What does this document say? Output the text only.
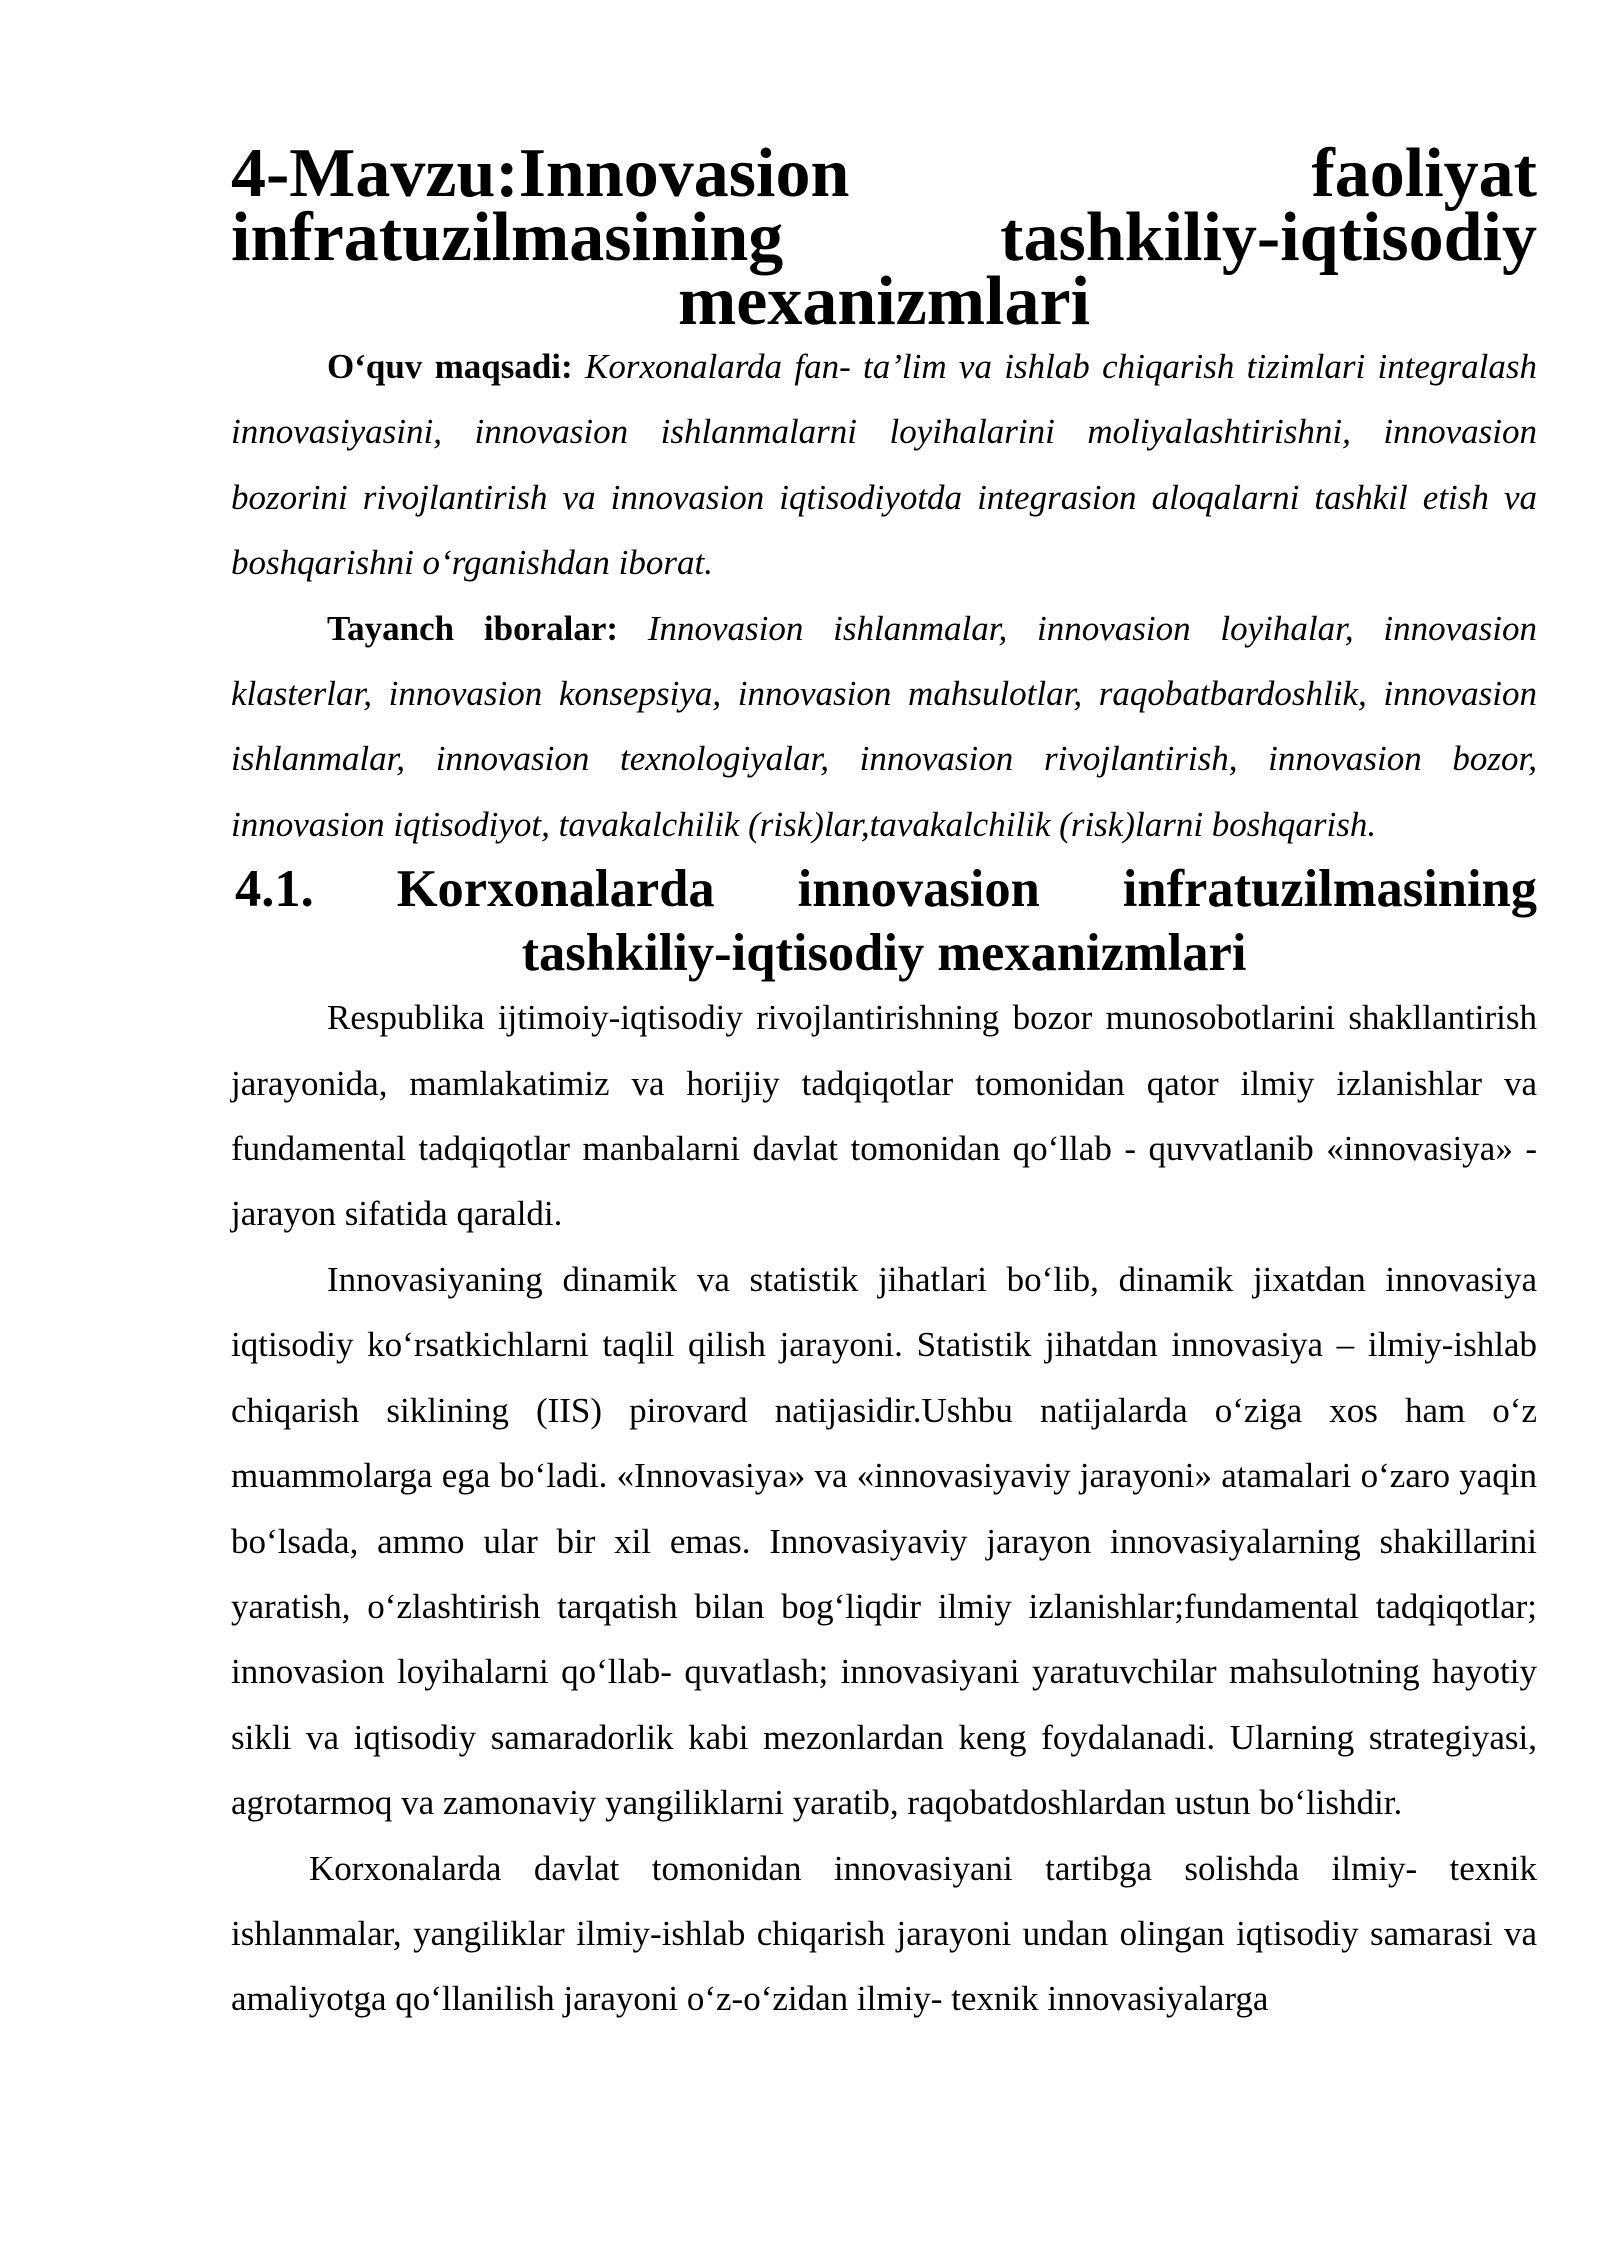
4-Mavzu:Innovasion faoliyat infratuzilmasining tashkiliy-iqtisodiy mexanizmlari

O‘quv maqsadi: Korxonalarda fan- ta’lim va ishlab chiqarish tizimlari integralash innovasiyasini, innovasion ishlanmalarni loyihalarini moliyalashtirishni, innovasion bozorini rivojlantirish va innovasion iqtisodiyotda integrasion aloqalarni tashkil etish va boshqarishni o‘rganishdan iborat.

Tayanch iboralar: Innovasion ishlanmalar, innovasion loyihalar, innovasion klasterlar, innovasion konsepsiya, innovasion mahsulotlar, raqobatbardoshlik, innovasion ishlanmalar, innovasion texnologiyalar, innovasion rivojlantirish, innovasion bozor, innovasion iqtisodiyot, tavakalchilik (risk)lar,tavakalchilik (risk)larni boshqarish.

4.1. Korxonalarda innovasion infratuzilmasining tashkiliy-iqtisodiy mexanizmlari

Respublika ijtimoiy-iqtisodiy rivojlantirishning bozor munosobotlarini shakllantirish jarayonida, mamlakatimiz va horijiy tadqiqotlar tomonidan qator ilmiy izlanishlar va fundamental tadqiqotlar manbalarni davlat tomonidan qo‘llab - quvvatlanib «innovasiya» - jarayon sifatida qaraldi.

Innovasiyaning dinamik va statistik jihatlari bo‘lib, dinamik jixatdan innovasiya iqtisodiy ko‘rsatkichlarni taqlil qilish jarayoni. Statistik jihatdan innovasiya – ilmiy-ishlab chiqarish siklining (IIS) pirovard natijasidir.Ushbu natijalarda o‘ziga xos ham o‘z muammolarga ega bo‘ladi. «Innovasiya» va «innovasiyaviy jarayoni» atamalari o‘zaro yaqin bo‘lsada, ammo ular bir xil emas. Innovasiyaviy jarayon innovasiyalarning shakillarini yaratish, o‘zlashtirish tarqatish bilan bog‘liqdir ilmiy izlanishlar;fundamental tadqiqotlar; innovasion loyihalarni qo‘llab- quvatlash; innovasiyani yaratuvchilar mahsulotning hayotiy sikli va iqtisodiy samaradorlik kabi mezonlardan keng foydalanadi. Ularning strategiyasi, agrotarmoq va zamonaviy yangiliklarni yaratib, raqobatdoshlardan ustun bo‘lishdir.

Korxonalarda davlat tomonidan innovasiyani tartibga solishda ilmiy- texnik ishlanmalar, yangiliklar ilmiy-ishlab chiqarish jarayoni undan olingan iqtisodiy samarasi va amaliyotga qo‘llanilish jarayoni o‘z-o‘zidan ilmiy- texnik innovasiyalarga
